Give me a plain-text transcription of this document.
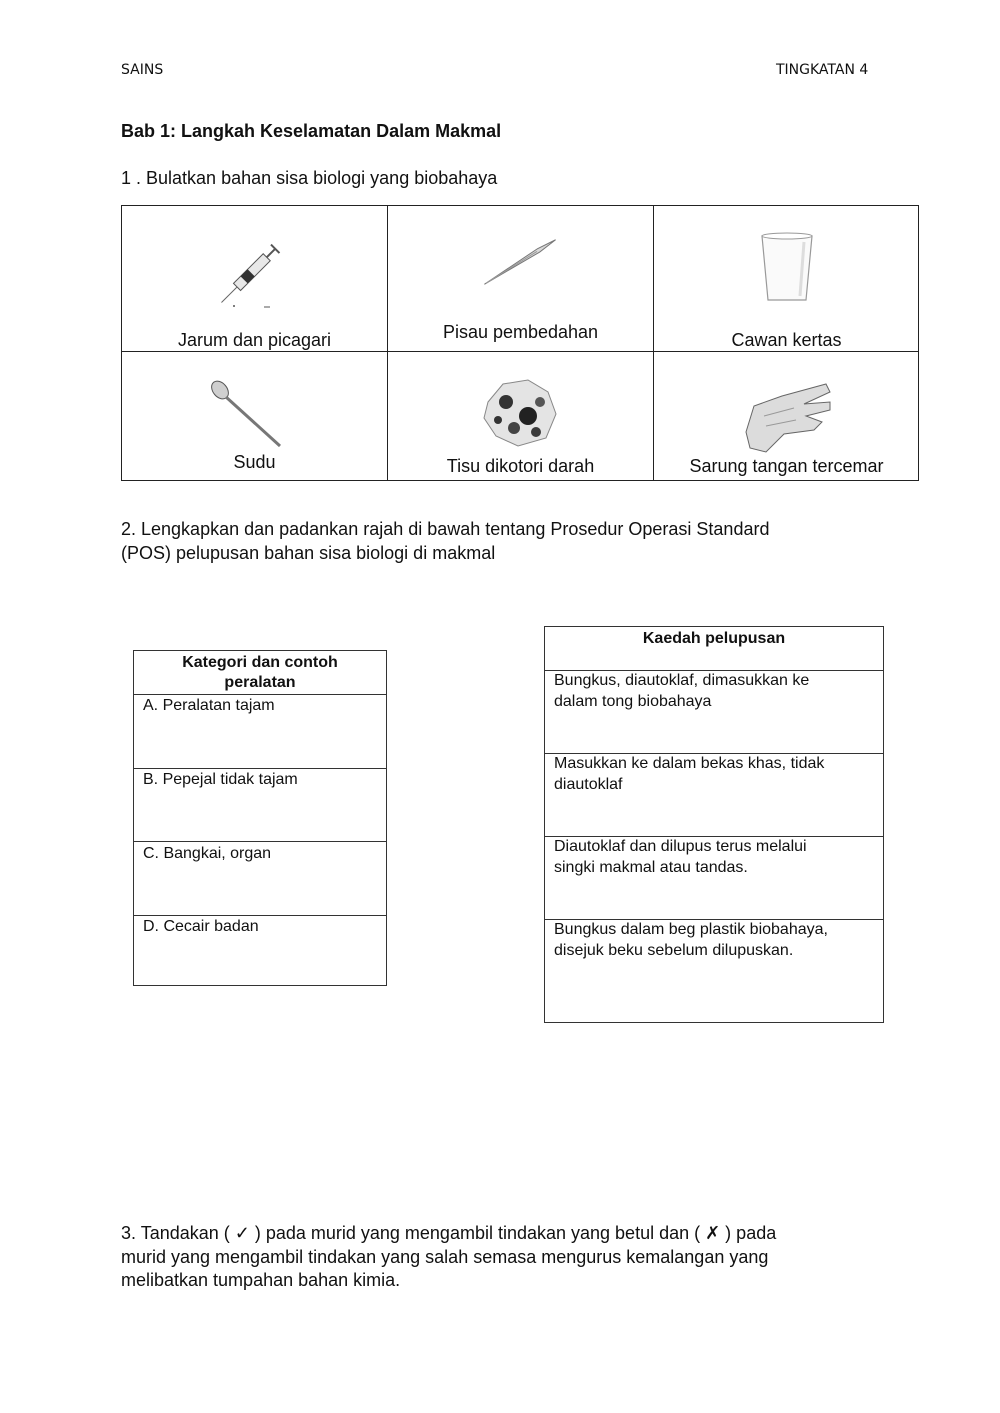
SAINS	TINGKATAN 4
Bab 1: Langkah Keselamatan Dalam Makmal
1 . Bulatkan bahan sisa biologi yang biobahaya
Jarum dan picagari	Pisau pembedahan	Cawan kertas
Sudu	Tisu dikotori darah	Sarung tangan tercemar
2. Lengkapkan dan padankan rajah di bawah tentang Prosedur Operasi Standard
(POS) pelupusan bahan sisa biologi di makmal
Kategori dan contoh
peralatan
A. Peralatan tajam
B. Pepejal tidak tajam
C. Bangkai, organ
D. Cecair badan
Kaedah pelupusan
Bungkus, diautoklaf, dimasukkan ke
dalam tong biobahaya
Masukkan ke dalam bekas khas, tidak
diautoklaf
Diautoklaf dan dilupus terus melalui
singki makmal atau tandas.
Bungkus dalam beg plastik biobahaya,
disejuk beku sebelum dilupuskan.
3. Tandakan ( ✓ ) pada murid yang mengambil tindakan yang betul dan ( ✗ ) pada
murid yang mengambil tindakan yang salah semasa mengurus kemalangan yang
melibatkan tumpahan bahan kimia.
